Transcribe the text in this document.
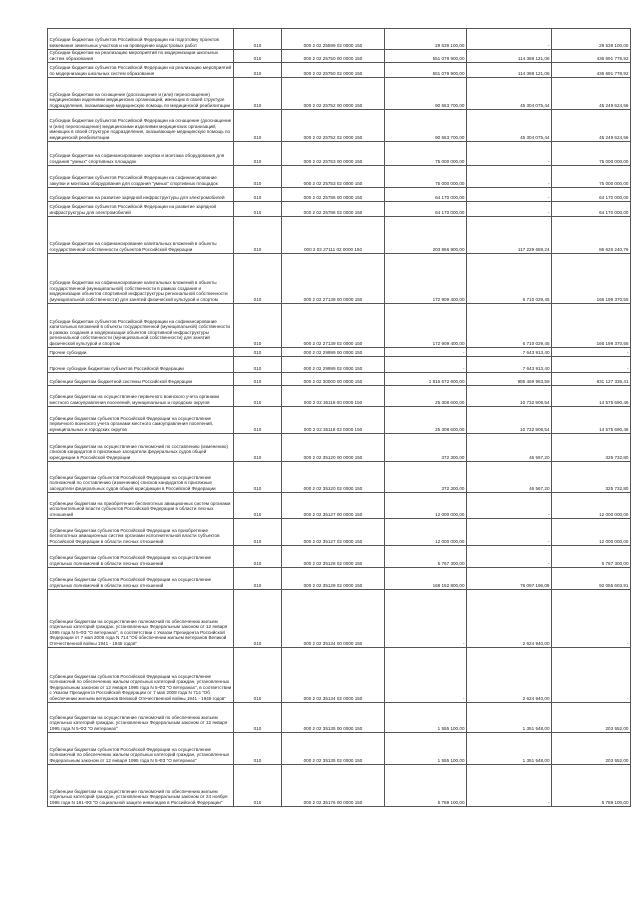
Субсидии бюджетам субъектов Российской Федерации на подготовку проектов межевания земельных участков и на проведение кадастровых работ	010	000 2 02 25599 02 0000 150	29 539 100,00	-	29 539 100,00
Субсидии бюджетам на реализацию мероприятий по модернизации школьных систем образования	010	000 2 02 25750 00 0000 150	551 079 900,00	114 388 121,08	436 691 778,92
Субсидии бюджетам субъектов Российской Федерации на реализацию мероприятий по модернизации школьных систем образования	010	000 2 02 25750 02 0000 150	551 079 900,00	114 388 121,08	436 691 778,92
Субсидии бюджетам на оснащение (дооснащение и (или) переоснащение) медицинскими изделиями медицинских организаций, имеющих в своей структуре подразделения, оказывающие медицинскую помощь по медицинской реабилитации	010	000 2 02 25752 00 0000 150	90 553 700,00	45 304 075,44	45 249 624,56
Субсидии бюджетам субъектов Российской Федерации на оснащение (дооснащение и (или) переоснащение) медицинскими изделиями медицинских организаций, имеющих в своей структуре подразделения, оказывающие медицинскую помощь по медицинской реабилитации	010	000 2 02 25752 02 0000 150	90 553 700,00	45 304 075,44	45 249 624,56
Субсидии бюджетам на софинансирование закупки и монтажа оборудования для создания "умных" спортивных площадок	010	000 2 02 25753 00 0000 150	75 000 000,00	-	75 000 000,00
Субсидии бюджетам субъектов Российской Федерации на софинансирование закупки и монтажа оборудования для создания "умных" спортивных площадок	010	000 2 02 25753 02 0000 150	75 000 000,00	-	75 000 000,00
Субсидии бюджетам на развитие зарядной инфраструктуры для электромобилей	010	000 2 02 25786 00 0000 150	64 170 000,00	-	64 170 000,00
Субсидии бюджетам субъектов Российской Федерации на развитие зарядной инфраструктуры для электромобилей	010	000 2 02 25786 02 0000 150	64 170 000,00	-	64 170 000,00
Субсидии бюджетам на софинансирование капитальных вложений в объекты государственной собственности субъектов Российской Федерации	010	000 2 02 27111 02 0000 150	203 856 900,00	117 229 659,24	86 626 240,76
Субсидии бюджетам на софинансирование капитальных вложений в объекты государственной (муниципальной) собственности в рамках создания и модернизации объектов спортивной инфраструктуры региональной собственности (муниципальной собственности) для занятий физической культурой и спортом	010	000 2 02 27139 00 0000 150	172 909 400,00	6 710 029,45	166 199 370,55
Субсидии бюджетам субъектов Российской Федерации на софинансирование капитальных вложений в объекты государственной (муниципальной) собственности в рамках создания и модернизации объектов спортивной инфраструктуры региональной собственности (муниципальной собственности) для занятий физической культурой и спортом	010	000 2 02 27139 02 0000 150	172 909 400,00	6 710 029,45	166 199 370,55
Прочие субсидии	010	000 2 02 29999 00 0000 150	-	7 643 913,40	-
Прочие субсидии бюджетам субъектов Российской Федерации	010	000 2 02 29999 02 0000 150	-	7 643 913,40	-
Субвенции бюджетам бюджетной системы Российской Федерации	010	000 2 02 30000 00 0000 150	1 816 672 600,00	985 469 963,59	831 127 336,41
Субвенции бюджетам на осуществление первичного воинского учета органами местного самоуправления поселений, муниципальных и городских округов	010	000 2 02 35118 00 0000 150	25 308 600,00	10 732 909,54	14 575 690,46
Субвенции бюджетам субъектов Российской Федерации на осуществление первичного воинского учета органами местного самоуправления поселений, муниципальных и городских округов	010	000 2 02 35118 02 0000 150	25 308 600,00	10 732 909,54	14 575 690,46
Субвенции бюджетам на осуществление полномочий по составлению (изменению) списков кандидатов в присяжные заседатели федеральных судов общей юрисдикции в Российской Федерации	010	000 2 02 35120 00 0000 150	372 300,00	46 567,20	325 732,80
Субвенции бюджетам субъектов Российской Федерации на осуществление полномочий по составлению (изменению) списков кандидатов в присяжные заседатели федеральных судов общей юрисдикции в Российской Федерации	010	000 2 02 35120 02 0000 150	372 300,00	46 567,20	325 732,80
Субвенции бюджетам на приобретение беспилотных авиационных систем органами исполнительной власти субъектов Российской Федерации в области лесных отношений	010	000 2 02 35127 00 0000 150	12 000 000,00	-	12 000 000,00
Субвенции бюджетам субъектов Российской Федерации на приобретение беспилотных авиационных систем органами исполнительной власти субъектов Российской Федерации в области лесных отношений	010	000 2 02 35127 02 0000 150	12 000 000,00	-	12 000 000,00
Субвенции бюджетам субъектов Российской Федерации на осуществление отдельных полномочий в области лесных отношений	010	000 2 02 35128 02 0000 150	5 767 300,00	-	5 767 300,00
Субвенции бюджетам субъектов Российской Федерации на осуществление отдельных полномочий в области лесных отношений	010	000 2 02 35129 02 0000 150	168 152 800,00	76 097 196,09	92 055 603,91
Субвенции бюджетам на осуществление полномочий по обеспечению жильем отдельных категорий граждан, установленных Федеральным законом от 12 января 1995 года N 5-ФЗ "О ветеранах", в соответствии с Указом Президента Российской Федерации от 7 мая 2008 года N 714 "Об обеспечении жильем ветеранов Великой Отечественной войны 1941 - 1945 годов"	010	000 2 02 35134 00 0000 150	-	2 624 940,00	-
Субвенции бюджетам субъектов Российской Федерации на осуществление полномочий по обеспечению жильем отдельных категорий граждан, установленных Федеральным законом от 12 января 1995 года N 5-ФЗ "О ветеранах", в соответствии с Указом Президента Российской Федерации от 7 мая 2008 года N 714 "Об обеспечении жильем ветеранов Великой Отечественной войны 1941 - 1945 годов"	010	000 2 02 35134 02 0000 150	-	2 624 940,00	-
Субвенции бюджетам на осуществление полномочий по обеспечению жильем отдельных категорий граждан, установленных Федеральным законом от 12 января 1995 года N 5-ФЗ "О ветеранах"	010	000 2 02 35135 00 0000 150	1 555 100,00	1 351 548,00	203 552,00
Субвенции бюджетам субъектов Российской Федерации на осуществление полномочий по обеспечению жильем отдельных категорий граждан, установленных Федеральным законом от 12 января 1995 года N 5-ФЗ "О ветеранах"	010	000 2 02 35135 02 0000 150	1 555 100,00	1 351 548,00	203 552,00
Субвенции бюджетам на осуществление полномочий по обеспечению жильем отдельных категорий граждан, установленных Федеральным законом от 24 ноября 1995 года N 181-ФЗ "О социальной защите инвалидов в Российской Федерации"	010	000 2 02 35176 00 0000 150	5 789 100,00	-	5 789 100,00
